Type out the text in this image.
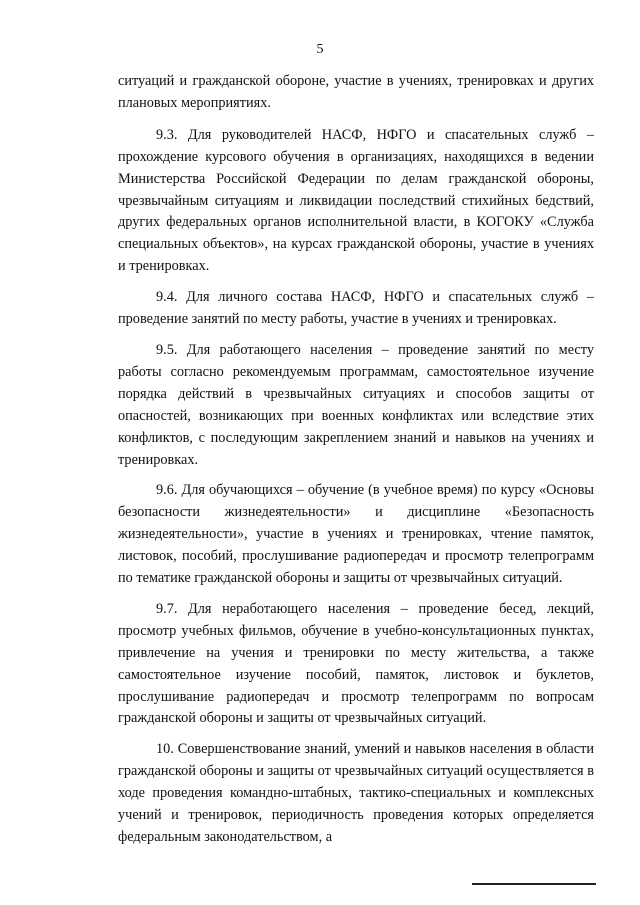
5

ситуаций и гражданской обороне, участие в учениях, тренировках и других плановых мероприятиях.

9.3. Для руководителей НАСФ, НФГО и спасательных служб – прохождение курсового обучения в организациях, находящихся в ведении Министерства Российской Федерации по делам гражданской обороны, чрезвычайным ситуациям и ликвидации последствий стихийных бедствий, других федеральных органов исполнительной власти, в КОГОКУ «Служба специальных объектов», на курсах гражданской обороны, участие в учениях и тренировках.

9.4. Для личного состава НАСФ, НФГО и спасательных служб – проведение занятий по месту работы, участие в учениях и тренировках.

9.5. Для работающего населения – проведение занятий по месту работы согласно рекомендуемым программам, самостоятельное изучение порядка действий в чрезвычайных ситуациях и способов защиты от опасностей, возникающих при военных конфликтах или вследствие этих конфликтов, с последующим закреплением знаний и навыков на учениях и тренировках.

9.6. Для обучающихся – обучение (в учебное время) по курсу «Основы безопасности жизнедеятельности» и дисциплине «Безопасность жизнедеятельности», участие в учениях и тренировках, чтение памяток, листовок, пособий, прослушивание радиопередач и просмотр телепрограмм по тематике гражданской обороны и защиты от чрезвычайных ситуаций.

9.7. Для неработающего населения – проведение бесед, лекций, просмотр учебных фильмов, обучение в учебно-консультационных пунктах, привлечение на учения и тренировки по месту жительства, а также самостоятельное изучение пособий, памяток, листовок и буклетов, прослушивание радиопередач и просмотр телепрограмм по вопросам гражданской обороны и защиты от чрезвычайных ситуаций.

10. Совершенствование знаний, умений и навыков населения в области гражданской обороны и защиты от чрезвычайных ситуаций осуществляется в ходе проведения командно-штабных, тактико-специальных и комплексных учений и тренировок, периодичность проведения которых определяется федеральным законодательством, а
